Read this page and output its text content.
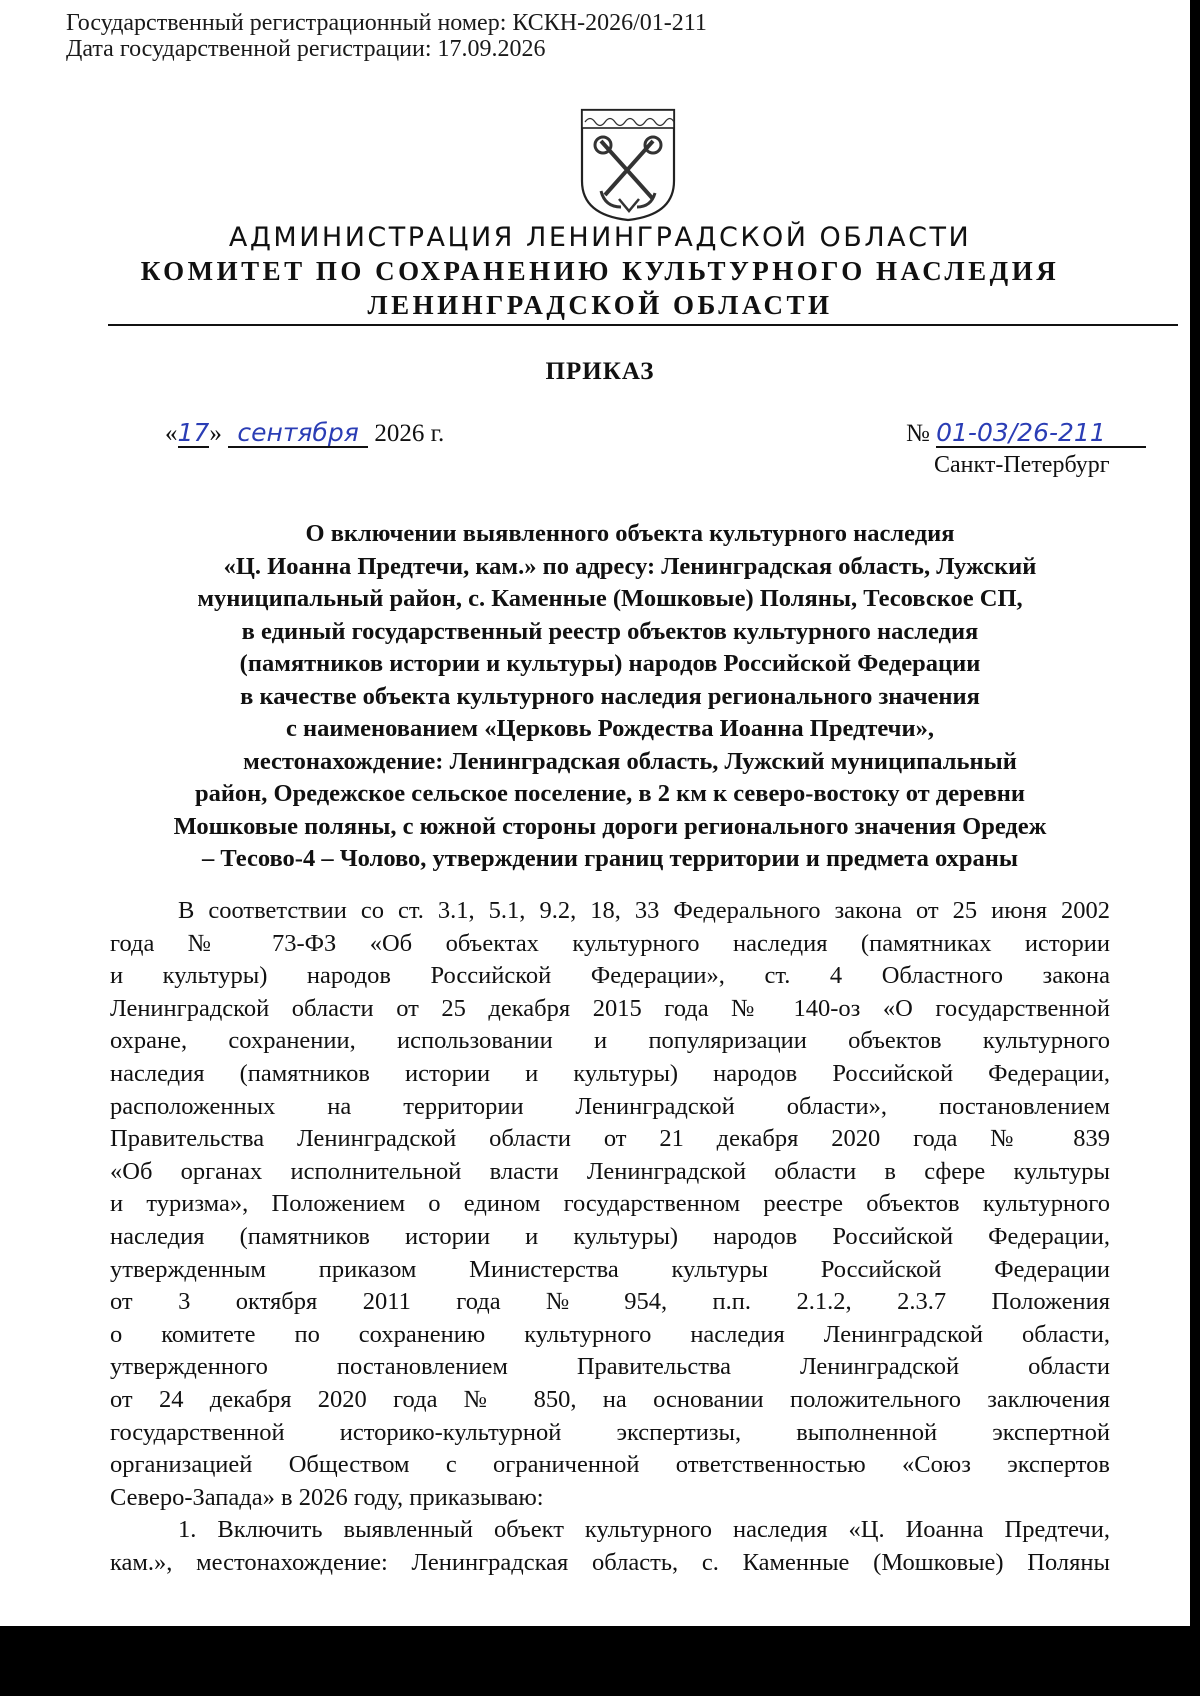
Государственный регистрационный номер: КСКН-2026/01-211
Дата государственной регистрации: 17.09.2026
АДМИНИСТРАЦИЯ ЛЕНИНГРАДСКОЙ ОБЛАСТИ
КОМИТЕТ ПО СОХРАНЕНИЮ КУЛЬТУРНОГО НАСЛЕДИЯ
ЛЕНИНГРАДСКОЙ ОБЛАСТИ
ПРИКАЗ
«17» сентября 2026 г.	№ 01-03/26-211
Санкт-Петербург
О включении выявленного объекта культурного наследия
«Ц. Иоанна Предтечи, кам.» по адресу: Ленинградская область, Лужский
муниципальный район, с. Каменные (Мошковые) Поляны, Тесовское СП,
в единый государственный реестр объектов культурного наследия
(памятников истории и культуры) народов Российской Федерации
в качестве объекта культурного наследия регионального значения
с наименованием «Церковь Рождества Иоанна Предтечи»,
местонахождение: Ленинградская область, Лужский муниципальный
район, Оредежское сельское поселение, в 2 км к северо-востоку от деревни
Мошковые поляны, с южной стороны дороги регионального значения Оредеж
– Тесово-4 – Чолово, утверждении границ территории и предмета охраны
В соответствии со ст. 3.1, 5.1, 9.2, 18, 33 Федерального закона от 25 июня 2002
года № 73-ФЗ «Об объектах культурного наследия (памятниках истории
и культуры) народов Российской Федерации», ст. 4 Областного закона
Ленинградской области от 25 декабря 2015 года № 140-оз «О государственной
охране, сохранении, использовании и популяризации объектов культурного
наследия (памятников истории и культуры) народов Российской Федерации,
расположенных на территории Ленинградской области», постановлением
Правительства Ленинградской области от 21 декабря 2020 года № 839
«Об органах исполнительной власти Ленинградской области в сфере культуры
и туризма», Положением о едином государственном реестре объектов культурного
наследия (памятников истории и культуры) народов Российской Федерации,
утвержденным приказом Министерства культуры Российской Федерации
от 3 октября 2011 года № 954, п.п. 2.1.2, 2.3.7 Положения
о комитете по сохранению культурного наследия Ленинградской области,
утвержденного постановлением Правительства Ленинградской области
от 24 декабря 2020 года № 850, на основании положительного заключения
государственной историко-культурной экспертизы, выполненной экспертной
организацией Обществом с ограниченной ответственностью «Союз экспертов
Северо-Запада» в 2026 году, приказываю:
1. Включить выявленный объект культурного наследия «Ц. Иоанна Предтечи,
кам.», местонахождение: Ленинградская область, с. Каменные (Мошковые) Поляны
